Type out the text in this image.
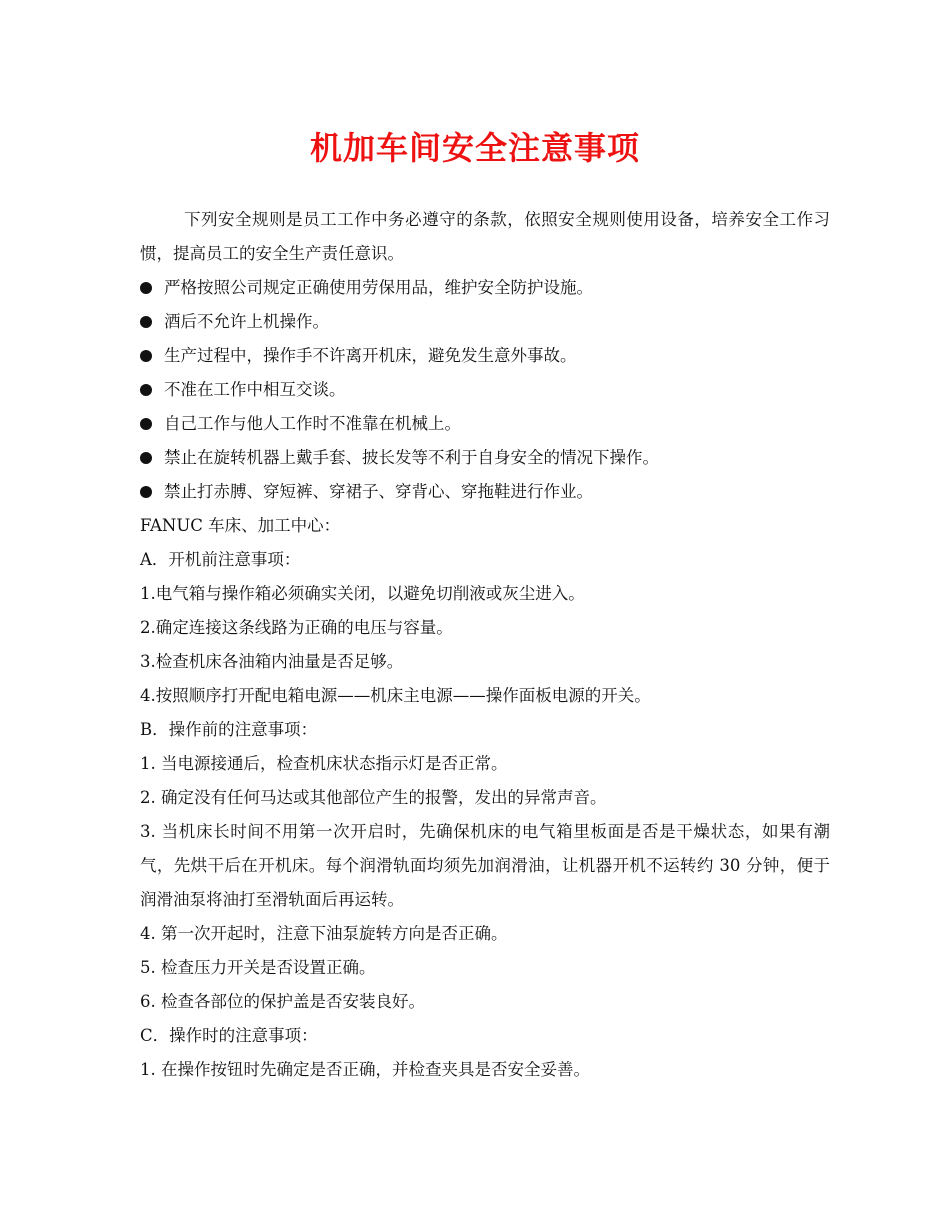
机加车间安全注意事项

下列安全规则是员工工作中务必遵守的条款，依照安全规则使用设备，培养安全工作习惯，提高员工的安全生产责任意识。

严格按照公司规定正确使用劳保用品，维护安全防护设施。
酒后不允许上机操作。
生产过程中，操作手不许离开机床，避免发生意外事故。
不准在工作中相互交谈。
自己工作与他人工作时不准靠在机械上。
禁止在旋转机器上戴手套、披长发等不利于自身安全的情况下操作。
禁止打赤膊、穿短裤、穿裙子、穿背心、穿拖鞋进行作业。

FANUC 车床、加工中心：

A．开机前注意事项：

1.电气箱与操作箱必须确实关闭，以避免切削液或灰尘进入。

2.确定连接这条线路为正确的电压与容量。

3.检查机床各油箱内油量是否足够。

4.按照顺序打开配电箱电源——机床主电源——操作面板电源的开关。

B．操作前的注意事项：

1. 当电源接通后，检查机床状态指示灯是否正常。

2. 确定没有任何马达或其他部位产生的报警，发出的异常声音。

3. 当机床长时间不用第一次开启时，先确保机床的电气箱里板面是否是干燥状态，如果有潮气，先烘干后在开机床。每个润滑轨面均须先加润滑油，让机器开机不运转约 30 分钟，便于润滑油泵将油打至滑轨面后再运转。

4. 第一次开起时，注意下油泵旋转方向是否正确。

5. 检查压力开关是否设置正确。

6. 检查各部位的保护盖是否安装良好。

C．操作时的注意事项：

1. 在操作按钮时先确定是否正确，并检查夹具是否安全妥善。
